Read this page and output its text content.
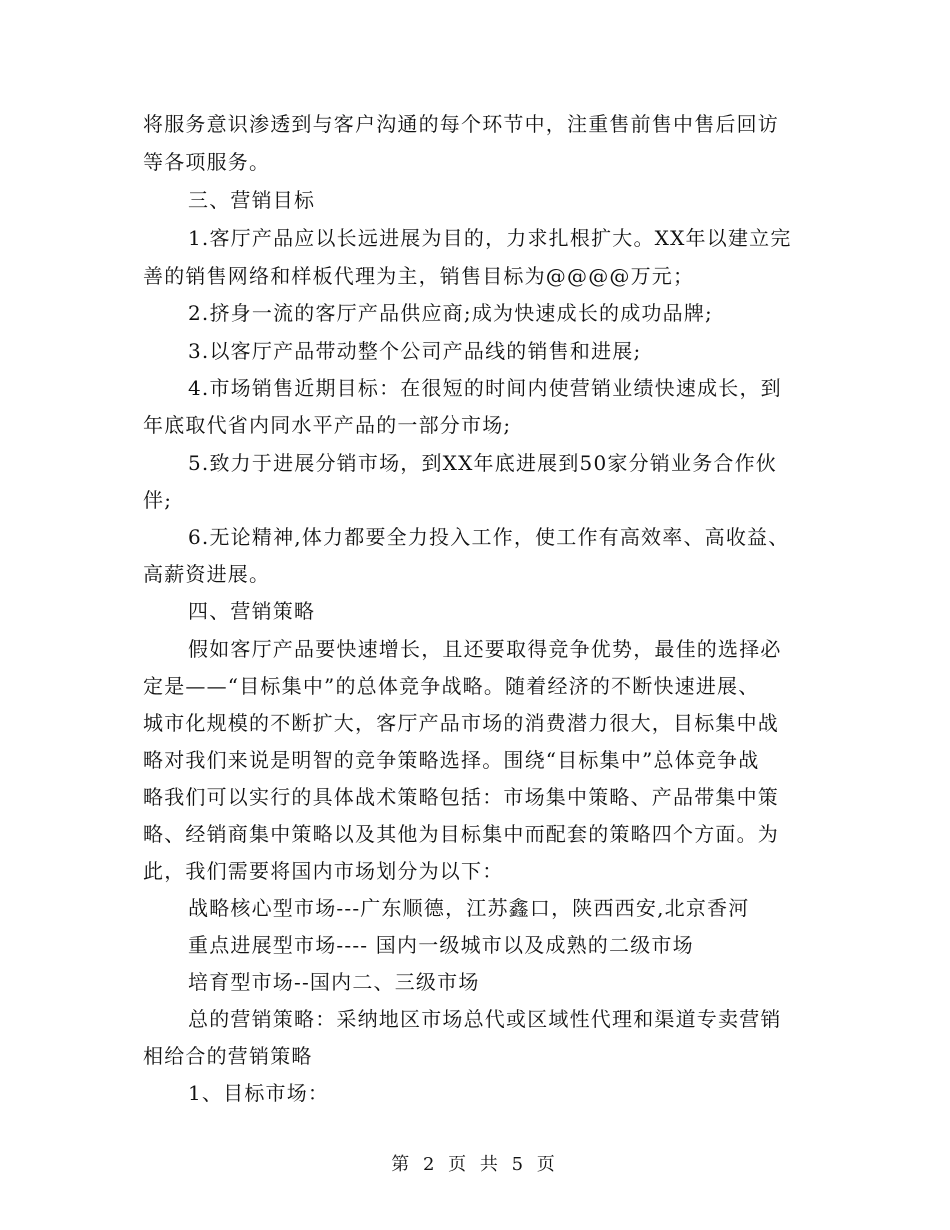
将服务意识渗透到与客户沟通的每个环节中，注重售前售中售后回访
等各项服务。
三、营销目标
1.客厅产品应以长远进展为目的，力求扎根扩大。XX年以建立完
善的销售网络和样板代理为主，销售目标为@@@@万元；
2.挤身一流的客厅产品供应商;成为快速成长的成功品牌;
3.以客厅产品带动整个公司产品线的销售和进展;
4.市场销售近期目标：在很短的时间内使营销业绩快速成长，到
年底取代省内同水平产品的一部分市场;
5.致力于进展分销市场，到XX年底进展到50家分销业务合作伙
伴;
6.无论精神,体力都要全力投入工作，使工作有高效率、高收益、
高薪资进展。
四、营销策略
假如客厅产品要快速增长，且还要取得竞争优势，最佳的选择必
定是——“目标集中”的总体竞争战略。随着经济的不断快速进展、
城市化规模的不断扩大，客厅产品市场的消费潜力很大，目标集中战
略对我们来说是明智的竞争策略选择。围绕“目标集中”总体竞争战
略我们可以实行的具体战术策略包括：市场集中策略、产品带集中策
略、经销商集中策略以及其他为目标集中而配套的策略四个方面。为
此，我们需要将国内市场划分为以下：
战略核心型市场---广东顺德，江苏鑫口，陕西西安,北京香河
重点进展型市场---- 国内一级城市以及成熟的二级市场
培育型市场--国内二、三级市场
总的营销策略：采纳地区市场总代或区域性代理和渠道专卖营销
相给合的营销策略
1、目标市场：
第 2 页 共 5 页
